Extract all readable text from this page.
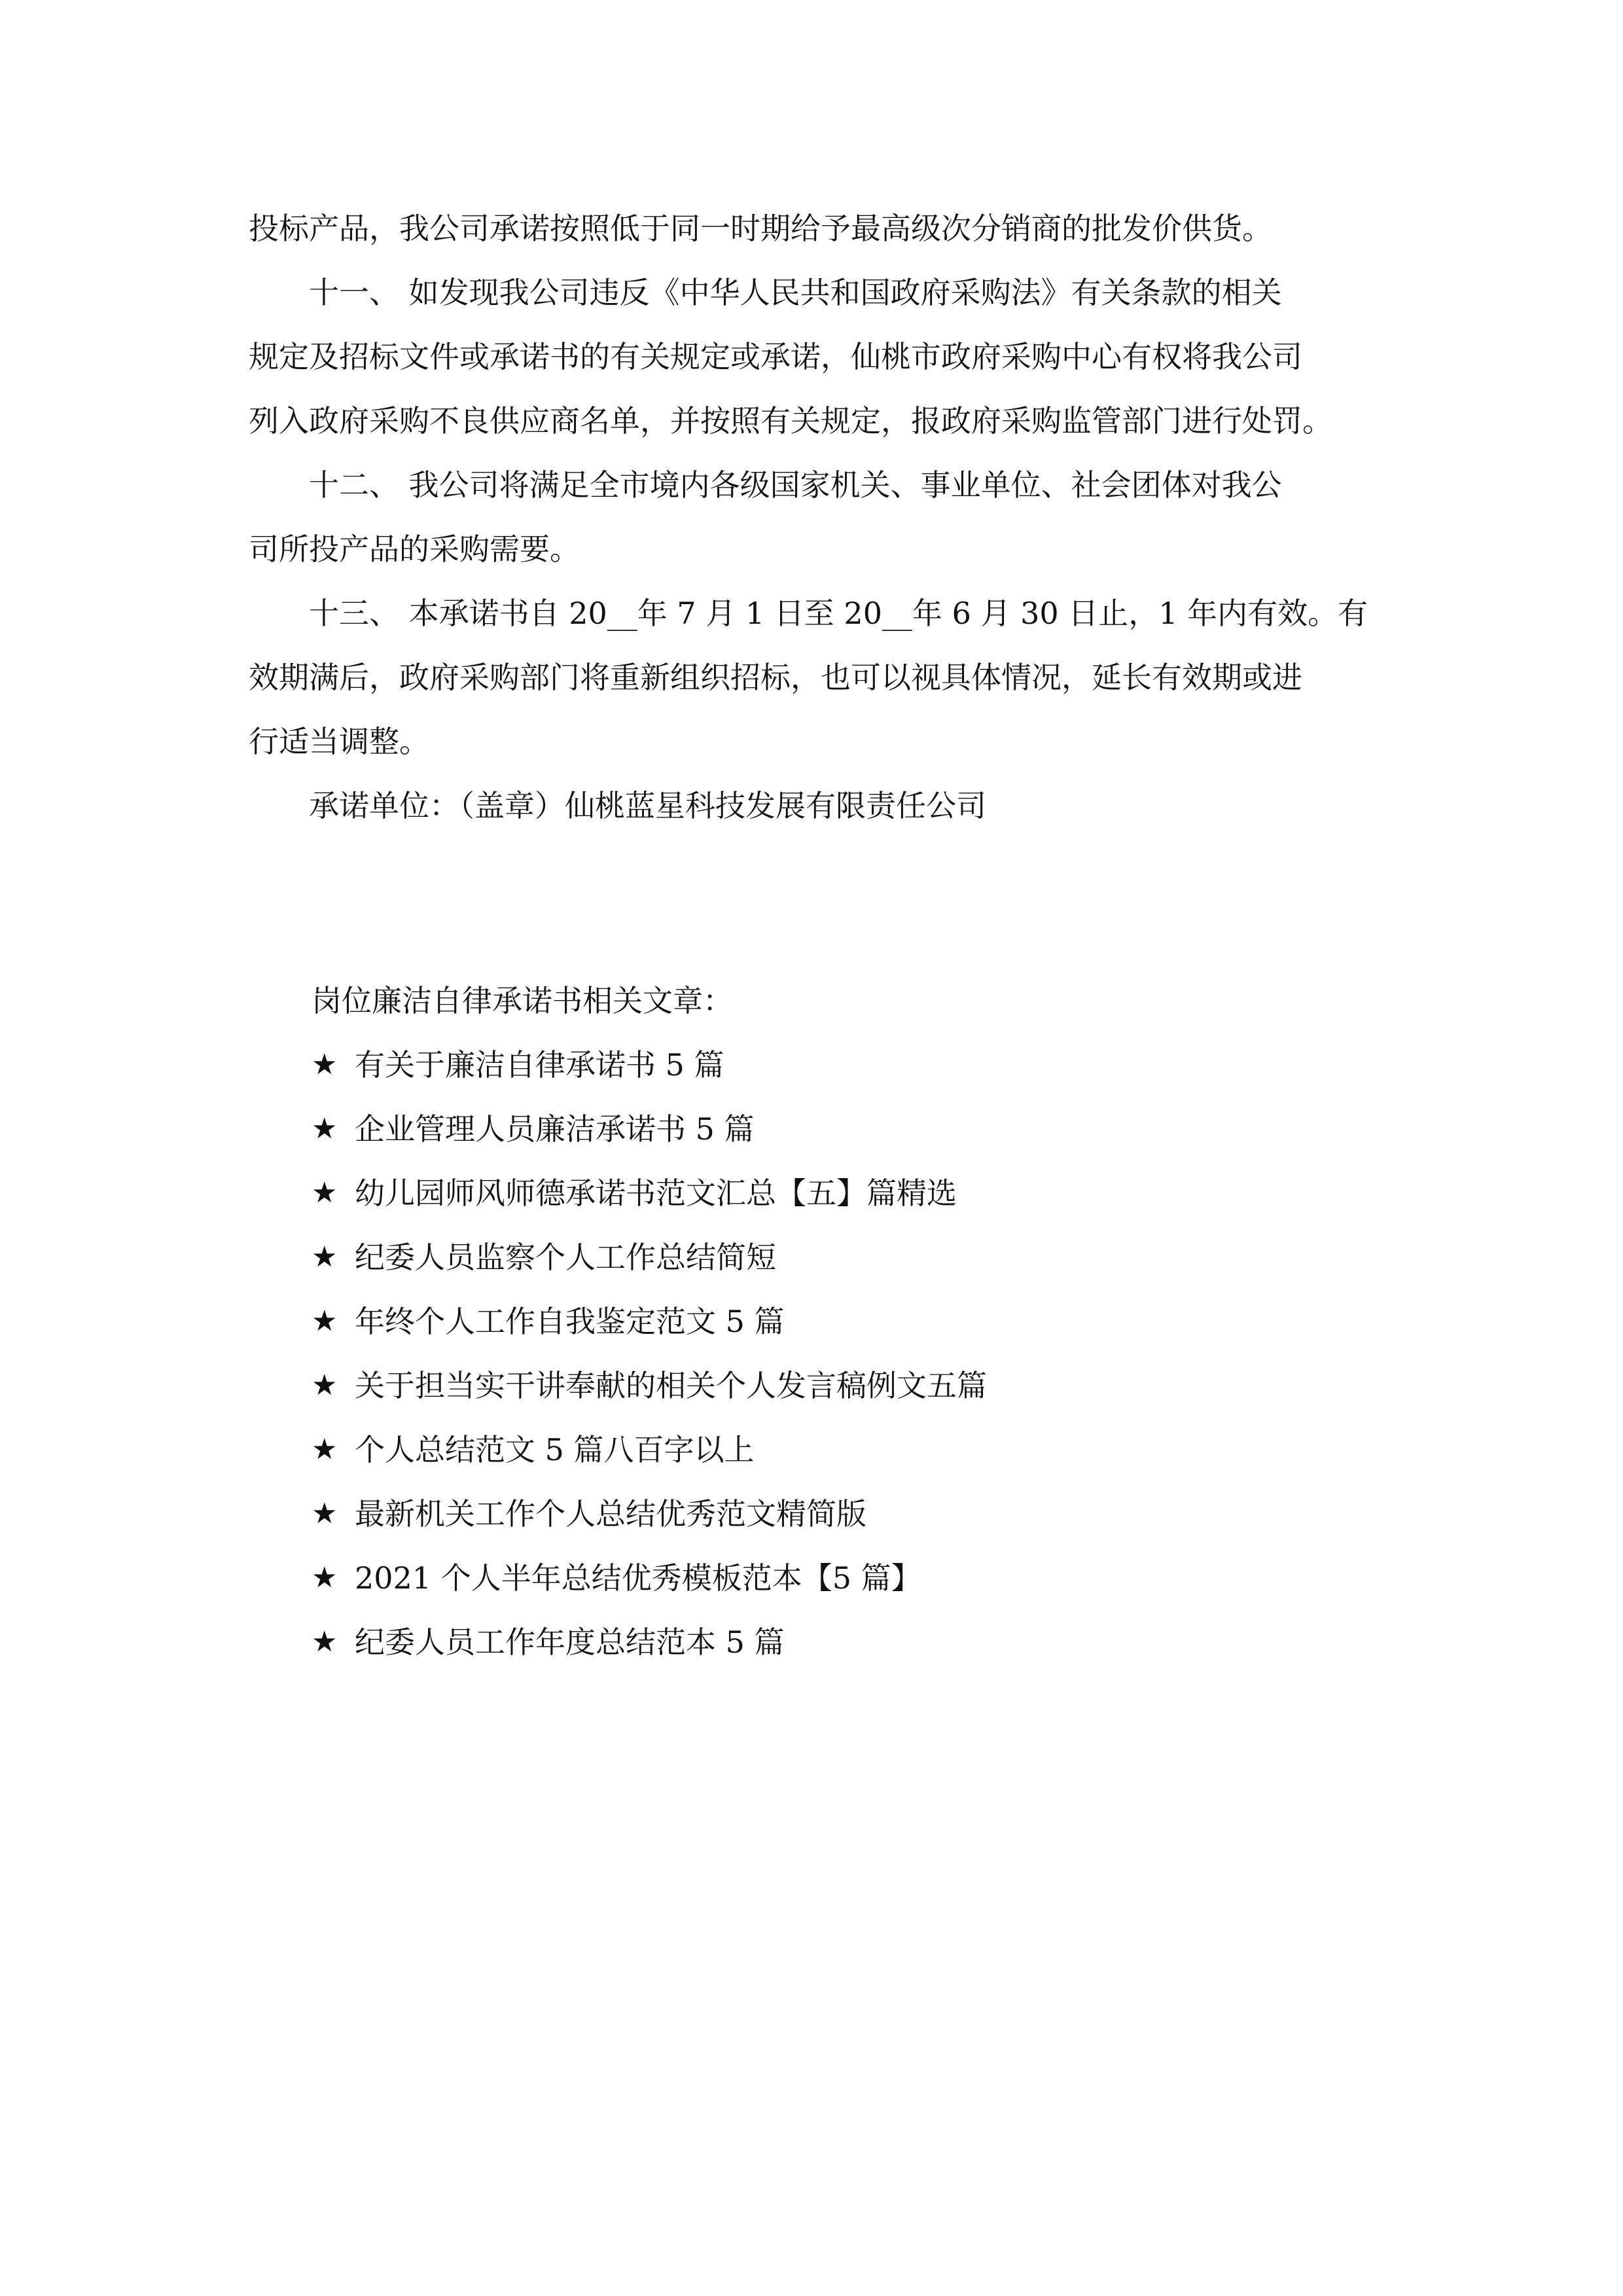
投标产品，我公司承诺按照低于同一时期给予最高级次分销商的批发价供货。

十一、 如发现我公司违反《中华人民共和国政府采购法》有关条款的相关
规定及招标文件或承诺书的有关规定或承诺，仙桃市政府采购中心有权将我公司
列入政府采购不良供应商名单，并按照有关规定，报政府采购监管部门进行处罚。

十二、 我公司将满足全市境内各级国家机关、事业单位、社会团体对我公
司所投产品的采购需要。

十三、 本承诺书自 20__年 7 月 1 日至 20__年 6 月 30 日止，1 年内有效。有
效期满后，政府采购部门将重新组织招标，也可以视具体情况，延长有效期或进
行适当调整。

承诺单位：（盖章）仙桃蓝星科技发展有限责任公司

岗位廉洁自律承诺书相关文章：

★ 有关于廉洁自律承诺书 5 篇
★ 企业管理人员廉洁承诺书 5 篇
★ 幼儿园师风师德承诺书范文汇总【五】篇精选
★ 纪委人员监察个人工作总结简短
★ 年终个人工作自我鉴定范文 5 篇
★ 关于担当实干讲奉献的相关个人发言稿例文五篇
★ 个人总结范文 5 篇八百字以上
★ 最新机关工作个人总结优秀范文精简版
★ 2021 个人半年总结优秀模板范本【5 篇】
★ 纪委人员工作年度总结范本 5 篇
